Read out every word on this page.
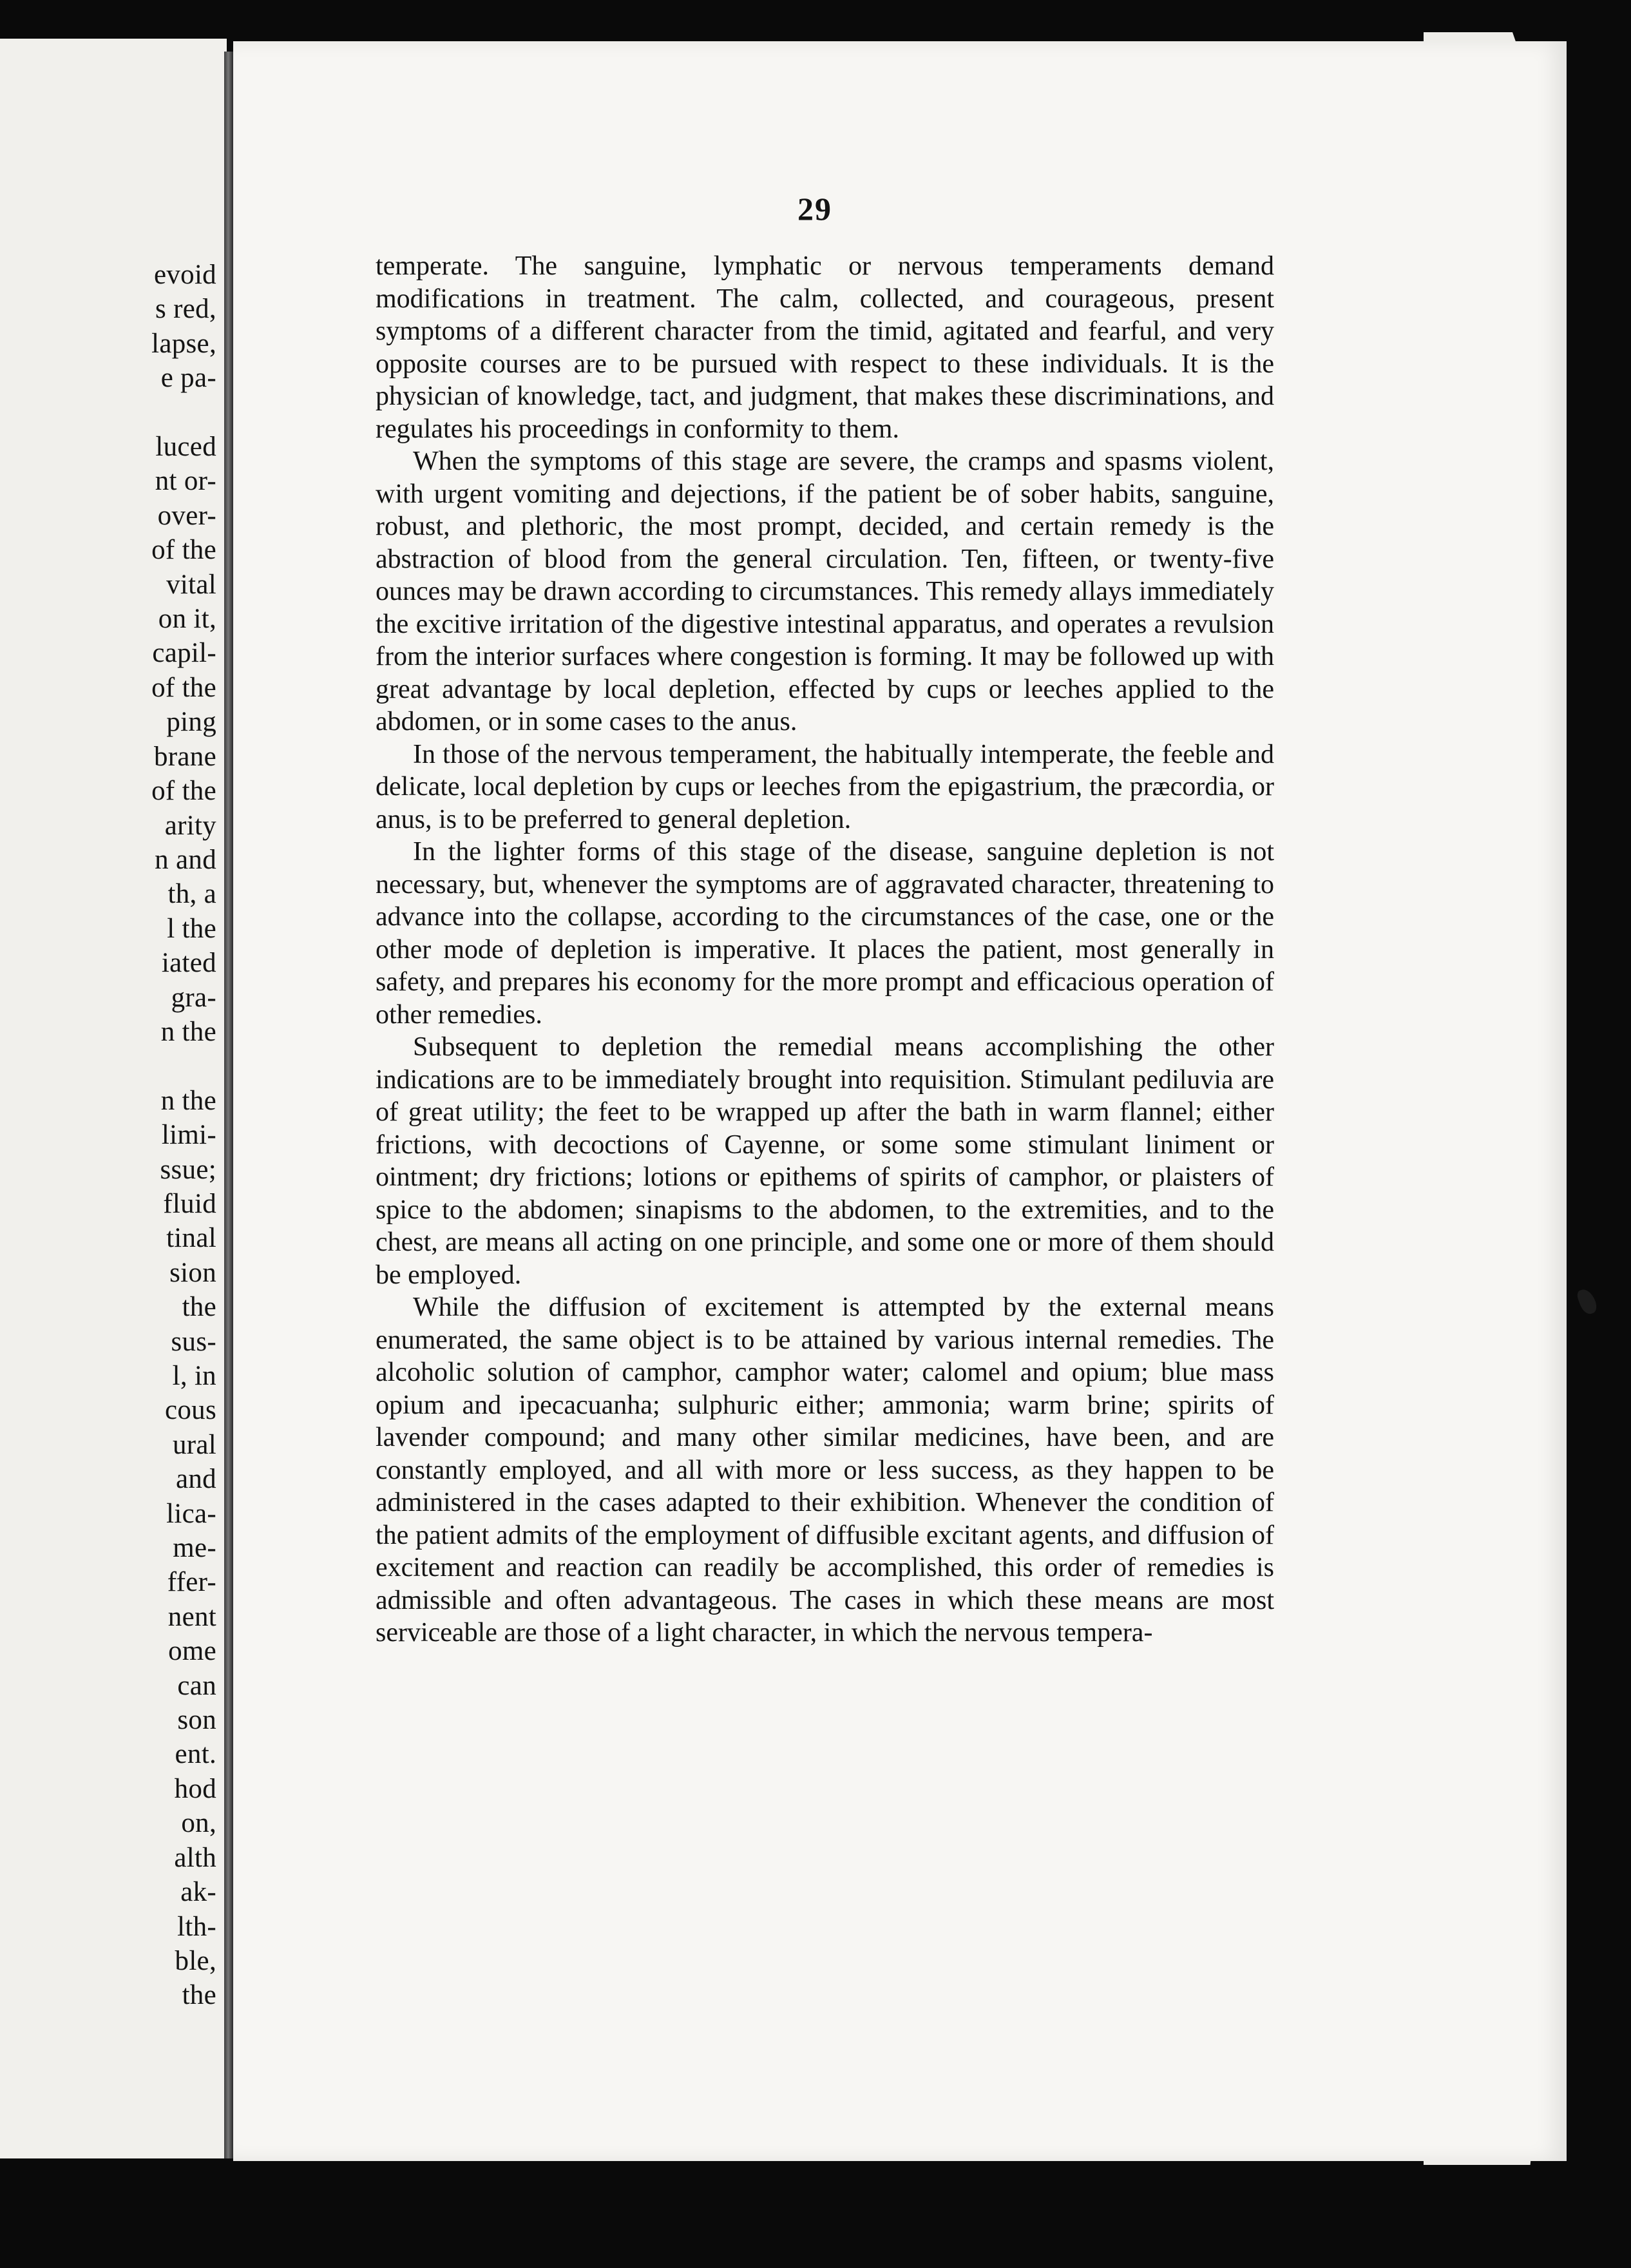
evoid
s red,
lapse,
e pa-

luced
nt or-
over-
of the
vital
on it,
capil-
of the
ping
brane
of the
arity
n and
th, a
l the
iated
gra-
n the

n the
limi-
ssue;
fluid
tinal
sion
the
sus-
l, in
cous
ural
and
lica-
me-
ffer-
nent
ome
can
son
ent.
hod
on,
alth
ak-
lth-
ble,
the
29

temperate. The sanguine, lymphatic or nervous temperaments demand modifications in treatment. The calm, collected, and courageous, present symptoms of a different character from the timid, agitated and fearful, and very opposite courses are to be pursued with respect to these individuals. It is the physician of knowledge, tact, and judgment, that makes these discriminations, and regulates his proceedings in conformity to them.

When the symptoms of this stage are severe, the cramps and spasms violent, with urgent vomiting and dejections, if the patient be of sober habits, sanguine, robust, and plethoric, the most prompt, decided, and certain remedy is the abstraction of blood from the general circulation. Ten, fifteen, or twenty-five ounces may be drawn according to circumstances. This remedy allays immediately the excitive irritation of the digestive intestinal apparatus, and operates a revulsion from the interior surfaces where congestion is forming. It may be followed up with great advantage by local depletion, effected by cups or leeches applied to the abdomen, or in some cases to the anus.

In those of the nervous temperament, the habitually intemperate, the feeble and delicate, local depletion by cups or leeches from the epigastrium, the præcordia, or anus, is to be preferred to general depletion.

In the lighter forms of this stage of the disease, sanguine depletion is not necessary, but, whenever the symptoms are of aggravated character, threatening to advance into the collapse, according to the circumstances of the case, one or the other mode of depletion is imperative. It places the patient, most generally in safety, and prepares his economy for the more prompt and efficacious operation of other remedies.

Subsequent to depletion the remedial means accomplishing the other indications are to be immediately brought into requisition. Stimulant pediluvia are of great utility; the feet to be wrapped up after the bath in warm flannel; either frictions, with decoctions of Cayenne, or some some stimulant liniment or ointment; dry frictions; lotions or epithems of spirits of camphor, or plaisters of spice to the abdomen; sinapisms to the abdomen, to the extremities, and to the chest, are means all acting on one principle, and some one or more of them should be employed.

While the diffusion of excitement is attempted by the external means enumerated, the same object is to be attained by various internal remedies. The alcoholic solution of camphor, camphor water; calomel and opium; blue mass opium and ipecacuanha; sulphuric either; ammonia; warm brine; spirits of lavender compound; and many other similar medicines, have been, and are constantly employed, and all with more or less success, as they happen to be administered in the cases adapted to their exhibition. Whenever the condition of the patient admits of the employment of diffusible excitant agents, and diffusion of excitement and reaction can readily be accomplished, this order of remedies is admissible and often advantageous. The cases in which these means are most serviceable are those of a light character, in which the nervous tempera-
